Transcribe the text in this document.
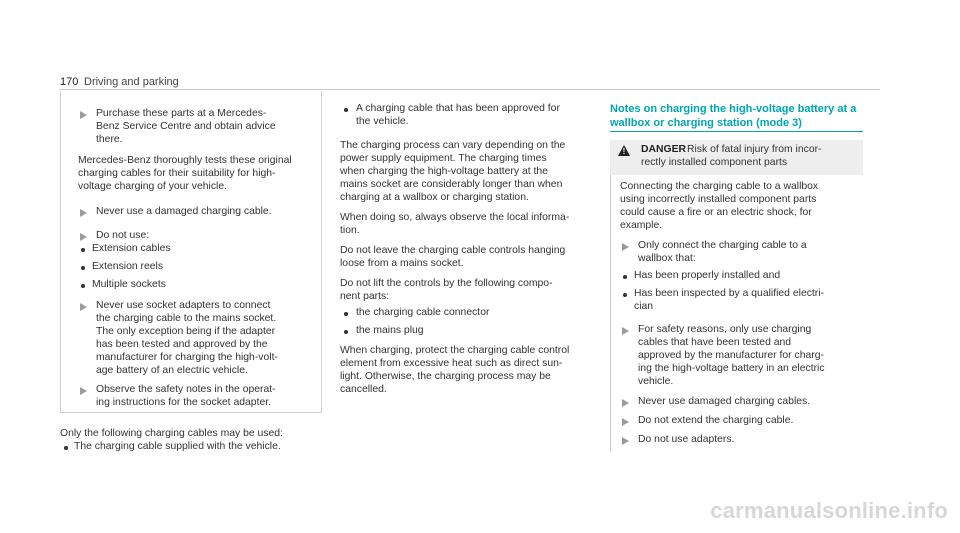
170 Driving and parking
Purchase these parts at a Mercedes-
Benz Service Centre and obtain advice
there.
Mercedes-Benz thoroughly tests these original
charging cables for their suitability for high-
voltage charging of your vehicle.
Never use a damaged charging cable.
Do not use:
Extension cables
Extension reels
Multiple sockets
Never use socket adapters to connect
the charging cable to the mains socket.
The only exception being if the adapter
has been tested and approved by the
manufacturer for charging the high-volt-
age battery of an electric vehicle.
Observe the safety notes in the operat-
ing instructions for the socket adapter.
Only the following charging cables may be used:
The charging cable supplied with the vehicle.
A charging cable that has been approved for
the vehicle.
The charging process can vary depending on the
power supply equipment. The charging times
when charging the high-voltage battery at the
mains socket are considerably longer than when
charging at a wallbox or charging station.
When doing so, always observe the local informa-
tion.
Do not leave the charging cable controls hanging
loose from a mains socket.
Do not lift the controls by the following compo-
nent parts:
the charging cable connector
the mains plug
When charging, protect the charging cable control
element from excessive heat such as direct sun-
light. Otherwise, the charging process may be
cancelled.
Notes on charging the high-voltage battery at a
wallbox or charging station (mode 3)
! DANGER Risk of fatal injury from incor-
rectly installed component parts
Connecting the charging cable to a wallbox
using incorrectly installed component parts
could cause a fire or an electric shock, for
example.
Only connect the charging cable to a
wallbox that:
Has been properly installed and
Has been inspected by a qualified electri-
cian
For safety reasons, only use charging
cables that have been tested and
approved by the manufacturer for charg-
ing the high-voltage battery in an electric
vehicle.
Never use damaged charging cables.
Do not extend the charging cable.
Do not use adapters.
carmanualsonline.info
